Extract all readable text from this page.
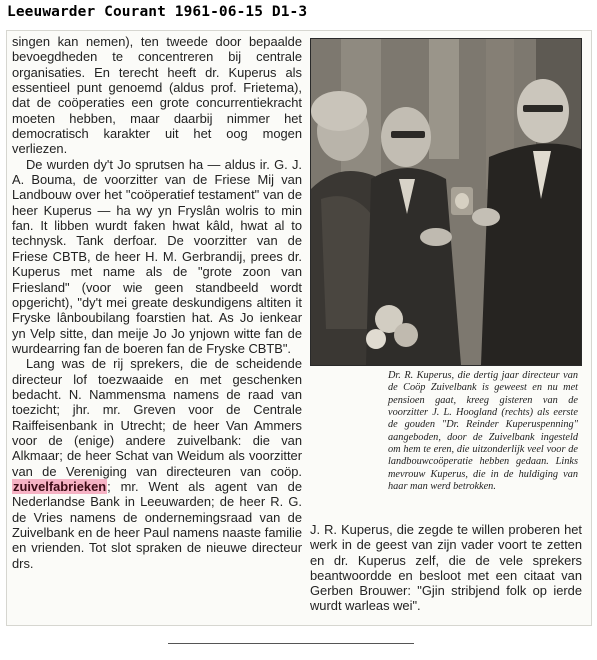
Leeuwarder Courant 1961-06-15 D1-3

singen kan nemen), ten tweede door bepaalde bevoegdheden te concentreren bij centrale organisaties. En terecht heeft dr. Kuperus als essentieel punt genoemd (aldus prof. Frietema), dat de coöperaties een grote concurrentiekracht moeten hebben, maar daarbij nimmer het democratisch karakter uit het oog mogen verliezen.

De wurden dy't Jo sprutsen ha — aldus ir. G. J. A. Bouma, de voorzitter van de Friese Mij van Landbouw over het "coöperatief testament" van de heer Kuperus — ha wy yn Fryslân wolris to min fan. It libben wurdt faken hwat kâld, hwat al to technysk. Tank derfoar. De voorzitter van de Friese CBTB, de heer H. M. Gerbrandij, prees dr. Kuperus met name als de "grote zoon van Friesland" (voor wie geen standbeeld wordt opgericht), "dy't mei greate deskundigens altiten it Fryske lânboubilang foarstien hat. As Jo ienkear yn Velp sitte, dan meije Jo Jo ynjown witte fan de wurdearring fan de boeren fan de Fryske CBTB".

Lang was de rij sprekers, die de scheidende directeur lof toezwaaide en met geschenken bedacht. N. Nammensma namens de raad van toezicht; jhr. mr. Greven voor de Centrale Raiffeisenbank in Utrecht; de heer Van Ammers voor de (enige) andere zuivelbank: die van Alkmaar; de heer Schat van Weidum als voorzitter van de Vereniging van directeuren van coöp. zuivelfabrieken; mr. Went als agent van de Nederlandse Bank in Leeuwarden; de heer R. G. de Vries namens de ondernemingsraad van de Zuivelbank en de heer Paul namens naaste familie en vrienden. Tot slot spraken de nieuwe directeur drs.

Dr. R. Kuperus, die dertig jaar directeur van de Coöp Zuivelbank is geweest en nu met pensioen gaat, kreeg gisteren van de voorzitter J. L. Hoogland (rechts) als eerste de gouden "Dr. Reinder Kuperuspenning" aangeboden, door de Zuivelbank ingesteld om hem te eren, die uitzonderlijk veel voor de landbouwcoöperatie hebben gedaan. Links mevrouw Kuperus, die in de huldiging van haar man werd betrokken.

J. R. Kuperus, die zegde te willen proberen het werk in de geest van zijn vader voort te zetten en dr. Kuperus zelf, die de vele sprekers beantwoordde en besloot met een citaat van Gerben Brouwer: "Gjin stribjend folk op ierde wurdt warleas wei".
